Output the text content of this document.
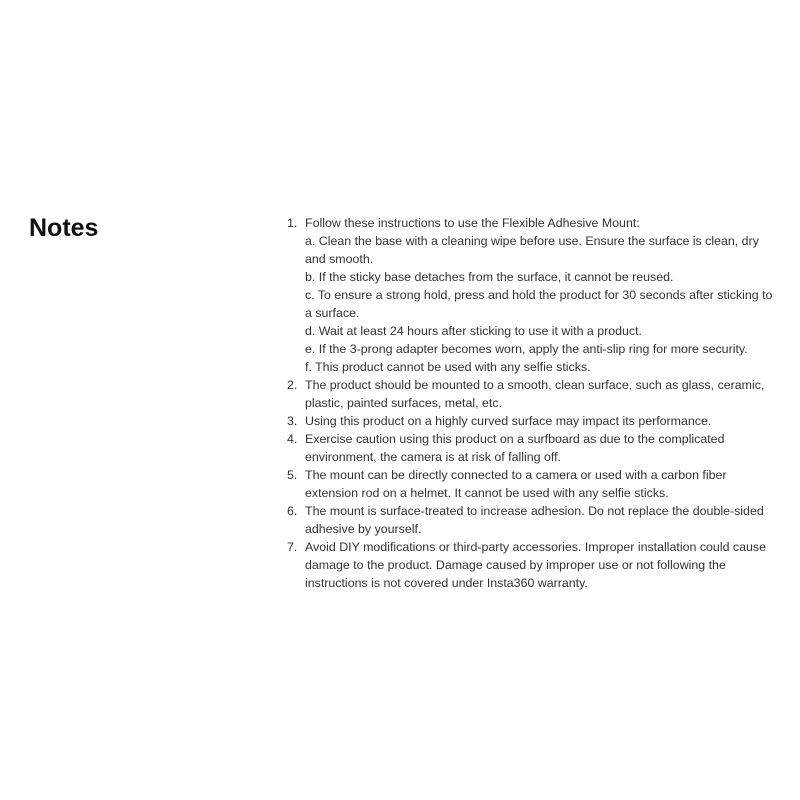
Notes	1. Follow these instructions to use the Flexible Adhesive Mount:
a. Clean the base with a cleaning wipe before use. Ensure the surface is clean, dry and smooth.
b. If the sticky base detaches from the surface, it cannot be reused.
c. To ensure a strong hold, press and hold the product for 30 seconds after sticking to a surface.
d. Wait at least 24 hours after sticking to use it with a product.
e. If the 3-prong adapter becomes worn, apply the anti-slip ring for more security.
f. This product cannot be used with any selfie sticks.
2. The product should be mounted to a smooth, clean surface, such as glass, ceramic, plastic, painted surfaces, metal, etc.
3. Using this product on a highly curved surface may impact its performance.
4. Exercise caution using this product on a surfboard as due to the complicated environment, the camera is at risk of falling off.
5. The mount can be directly connected to a camera or used with a carbon fiber extension rod on a helmet. It cannot be used with any selfie sticks.
6. The mount is surface-treated to increase adhesion. Do not replace the double-sided adhesive by yourself.
7. Avoid DIY modifications or third-party accessories. Improper installation could cause damage to the product. Damage caused by improper use or not following the instructions is not covered under Insta360 warranty.
